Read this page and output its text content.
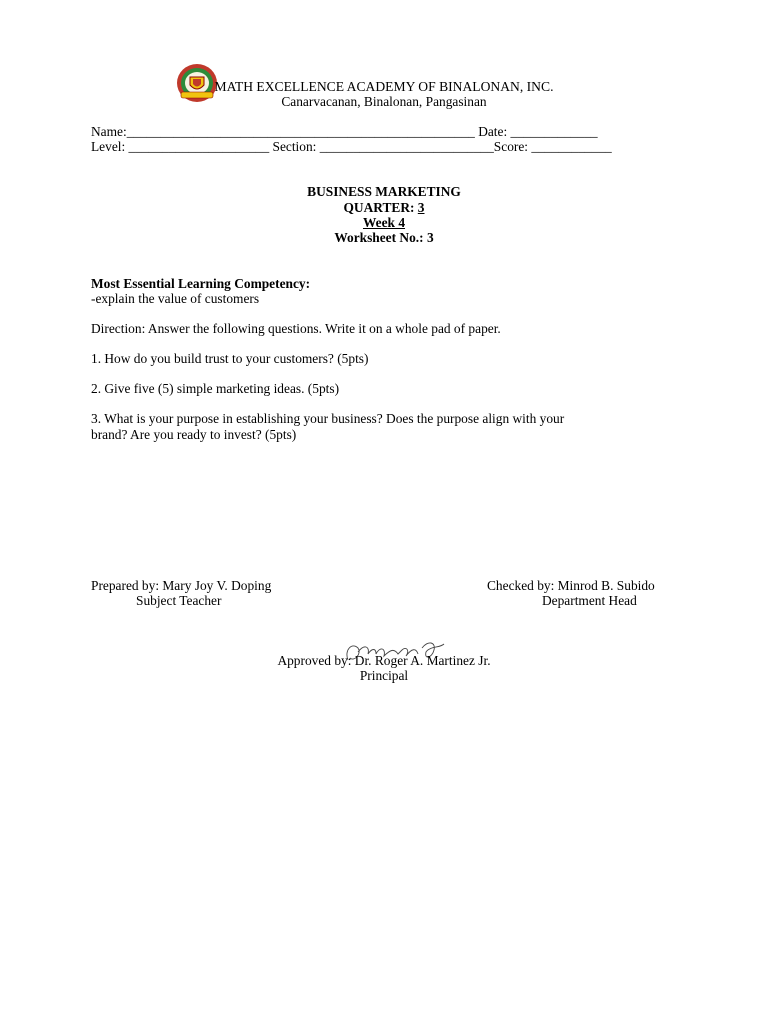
MATH EXCELLENCE ACADEMY OF BINALONAN, INC.
Canarvacanan, Binalonan, Pangasinan
Name:____________________________________________________ Date: _____________
Level: _____________________ Section: __________________________Score: ____________
BUSINESS MARKETING
QUARTER: 3
Week 4
Worksheet No.: 3
Most Essential Learning Competency:
-explain the value of customers
Direction: Answer the following questions. Write it on a whole pad of paper.
1. How do you build trust to your customers? (5pts)
2. Give five (5) simple marketing ideas. (5pts)
3. What is your purpose in establishing your business? Does the purpose align with your
brand? Are you ready to invest? (5pts)
Prepared by: Mary Joy V. Doping
Subject Teacher
Checked by: Minrod B. Subido
Department Head
Approved by: Dr. Roger A. Martinez Jr.
Principal
